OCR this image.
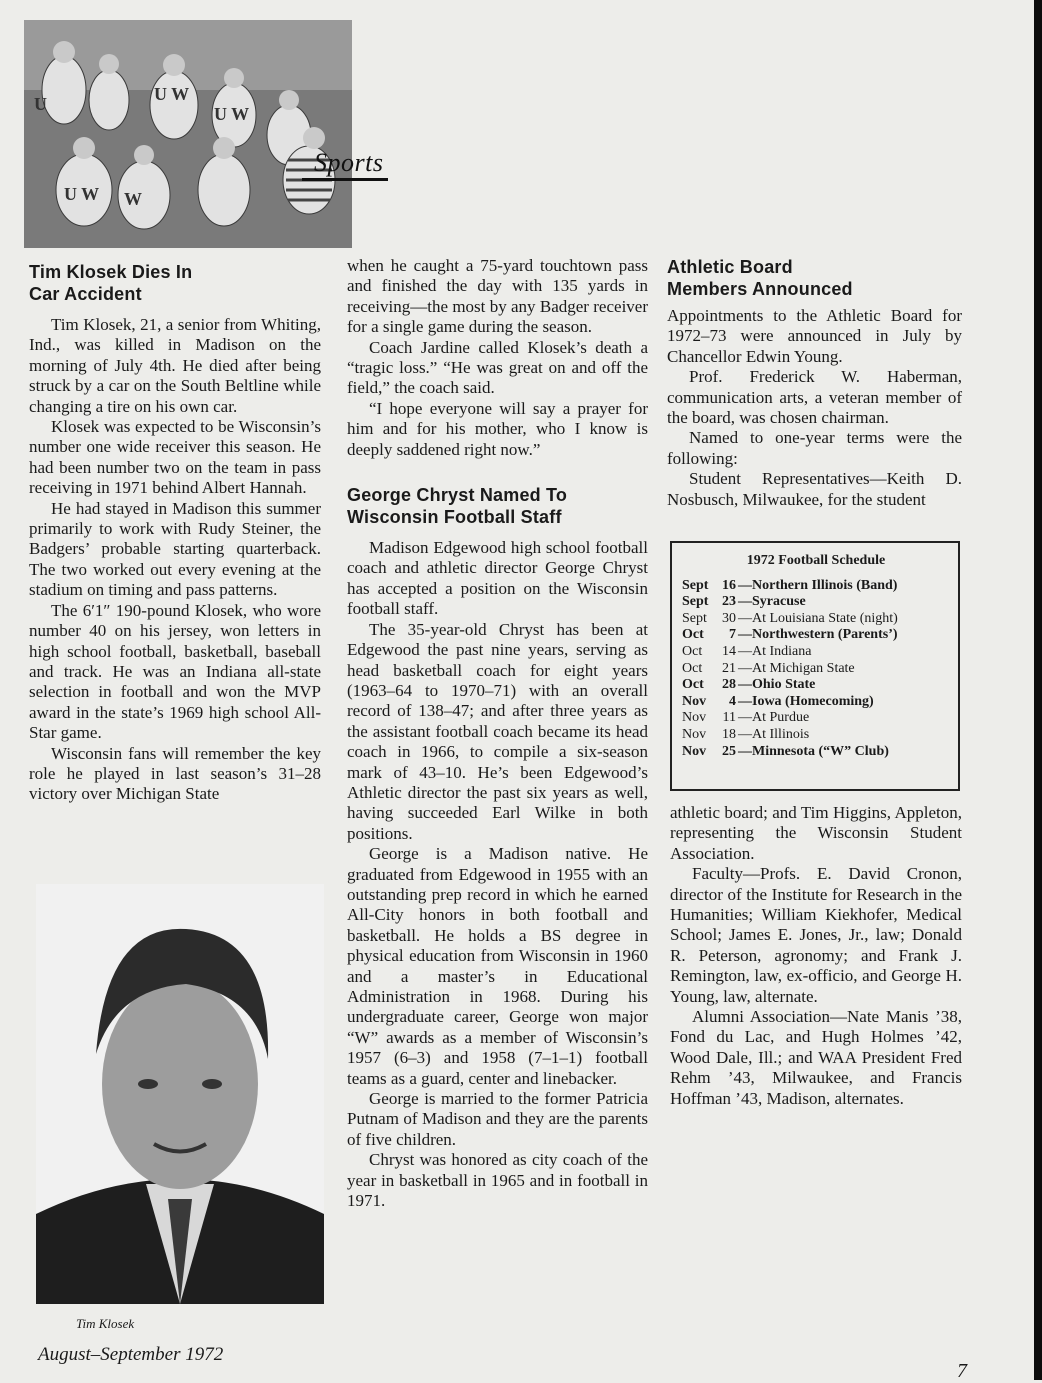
U	U W
U W
U W W
Sports
Tim Klosek Dies In
Car Accident

Tim Klosek, 21, a senior from Whiting, Ind., was killed in Madison on the morning of July 4th. He died after being struck by a car on the South Beltline while changing a tire on his own car.

Klosek was expected to be Wisconsin’s number one wide receiver this season. He had been number two on the team in pass receiving in 1971 behind Albert Hannah.

He had stayed in Madison this summer primarily to work with Rudy Steiner, the Badgers’ probable starting quarterback. The two worked out every evening at the stadium on timing and pass patterns.

The 6′1″ 190-pound Klosek, who wore number 40 on his jersey, won letters in high school football, basketball, baseball and track. He was an Indiana all-state selection in football and won the MVP award in the state’s 1969 high school All-Star game.

Wisconsin fans will remember the key role he played in last season’s 31–28 victory over Michigan State

Tim Klosek

when he caught a 75-yard touchtown pass and finished the day with 135 yards in receiving—the most by any Badger receiver for a single game during the season.

Coach Jardine called Klosek’s death a “tragic loss.” “He was great on and off the field,” the coach said.

“I hope everyone will say a prayer for him and for his mother, who I know is deeply saddened right now.”

George Chryst Named To
Wisconsin Football Staff

Madison Edgewood high school football coach and athletic director George Chryst has accepted a position on the Wisconsin football staff.

The 35-year-old Chryst has been at Edgewood the past nine years, serving as head basketball coach for eight years (1963–64 to 1970–71) with an overall record of 138–47; and after three years as the assistant football coach became its head coach in 1966, to compile a six-season mark of 43–10. He’s been Edgewood’s Athletic director the past six years as well, having succeeded Earl Wilke in both positions.

George is a Madison native. He graduated from Edgewood in 1955 with an outstanding prep record in which he earned All-City honors in both football and basketball. He holds a BS degree in physical education from Wisconsin in 1960 and a master’s in Educational Administration in 1968. During his undergraduate career, George won major “W” awards as a member of Wisconsin’s 1957 (6–3) and 1958 (7–1–1) football teams as a guard, center and linebacker.

George is married to the former Patricia Putnam of Madison and they are the parents of five children.

Chryst was honored as city coach of the year in basketball in 1965 and in football in 1971.

Athletic Board
Members Announced

Appointments to the Athletic Board for 1972–73 were announced in July by Chancellor Edwin Young.

Prof. Frederick W. Haberman, communication arts, a veteran member of the board, was chosen chairman.

Named to one-year terms were the following:

Student Representatives—Keith D. Nosbusch, Milwaukee, for the student

1972 Football Schedule
Sept 16 —Northern Illinois (Band)
Sept 23 —Syracuse
Sept	30 —At Louisiana State (night)
Oct	7 —Northwestern (Parents’)
Oct	14 —At Indiana
Oct	21 —At Michigan State
Oct	28 —Ohio State
Nov	4 —Iowa (Homecoming)
Nov	11 —At Purdue
Nov	18 —At Illinois
Nov	25 —Minnesota (“W” Club)

athletic board; and Tim Higgins, Appleton, representing the Wisconsin Student Association.

Faculty—Profs. E. David Cronon, director of the Institute for Research in the Humanities; William Kiekhofer, Medical School; James E. Jones, Jr., law; Donald R. Peterson, agronomy; and Frank J. Remington, law, ex-officio, and George H. Young, law, alternate.

Alumni Association—Nate Manis ’38, Fond du Lac, and Hugh Holmes ’42, Wood Dale, Ill.; and WAA President Fred Rehm ’43, Milwaukee, and Francis Hoffman ’43, Madison, alternates.

August–September 1972
7
